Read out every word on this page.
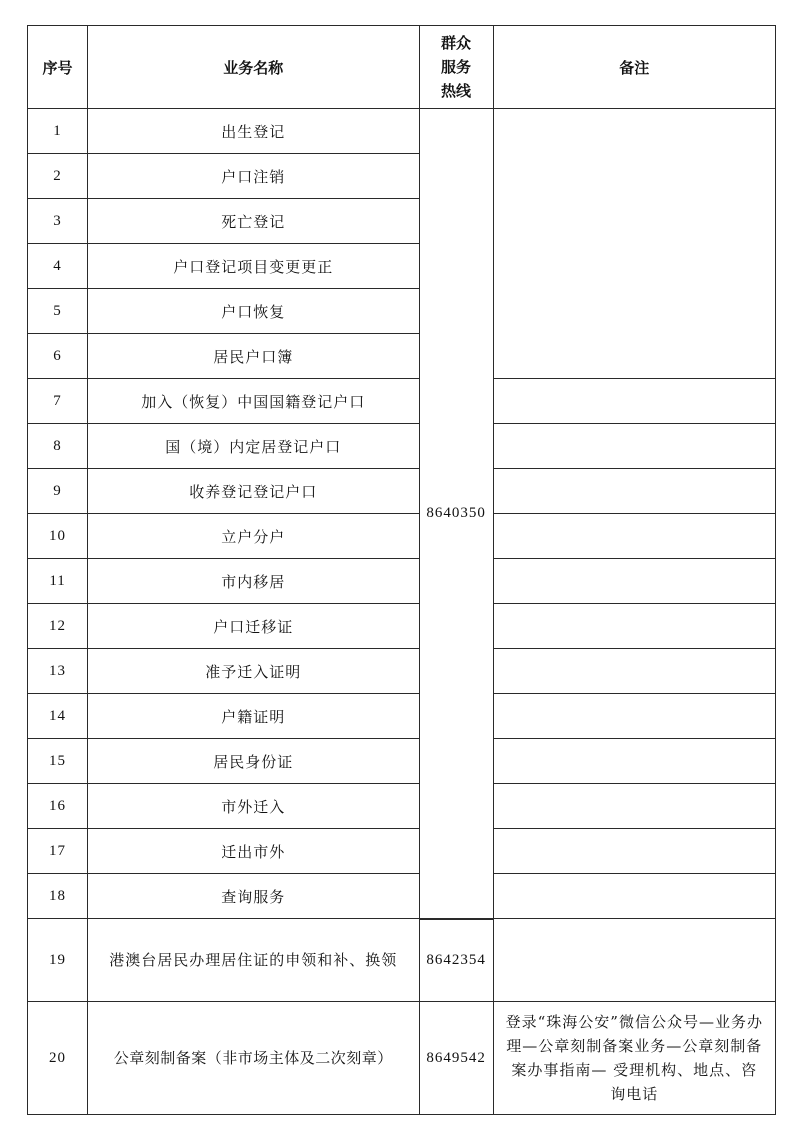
序号	业务名称	群众服务热线	备注
1	出生登记	8640350	
2	户口注销		
3	死亡登记		
4	户口登记项目变更更正		
5	户口恢复		
6	居民户口簿		
7	加入（恢复）中国国籍登记户口		
8	国（境）内定居登记户口		
9	收养登记登记户口		
10	立户分户		
11	市内移居		
12	户口迁移证		
13	准予迁入证明		
14	户籍证明		
15	居民身份证		
16	市外迁入		
17	迁出市外		
18	查询服务		
19	港澳台居民办理居住证的申领和补、换领	8642354	
20	公章刻制备案（非市场主体及二次刻章）	8649542	登录“珠海公安”微信公众号—业务办理—公章刻制备案业务—公章刻制备案办事指南— 受理机构、地点、咨询电话
